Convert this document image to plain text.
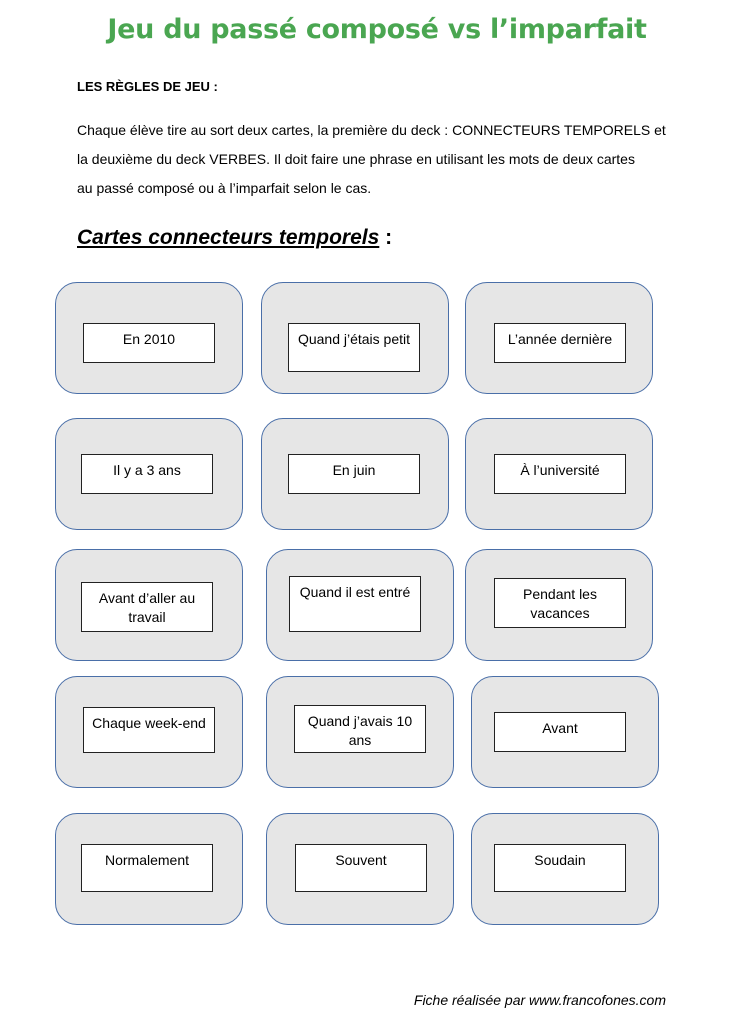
Jeu du passé composé vs l’imparfait
LES RÈGLES DE JEU :
Chaque élève tire au sort deux cartes, la première du deck : CONNECTEURS TEMPORELS et
la deuxième du deck VERBES. Il doit faire une phrase en utilisant les mots de deux cartes
au passé composé ou à l’imparfait selon le cas.
Cartes connecteurs temporels :
En 2010	Quand j’étais petit	L’année dernière
Il y a 3 ans	En juin	À l’université
Avant d’aller au travail
Quand il est entré	Pendant les vacances
Chaque week-end	Quand j’avais 10 ans
Avant
Normalement	Souvent	Soudain
Fiche réalisée par www.francofones.com
